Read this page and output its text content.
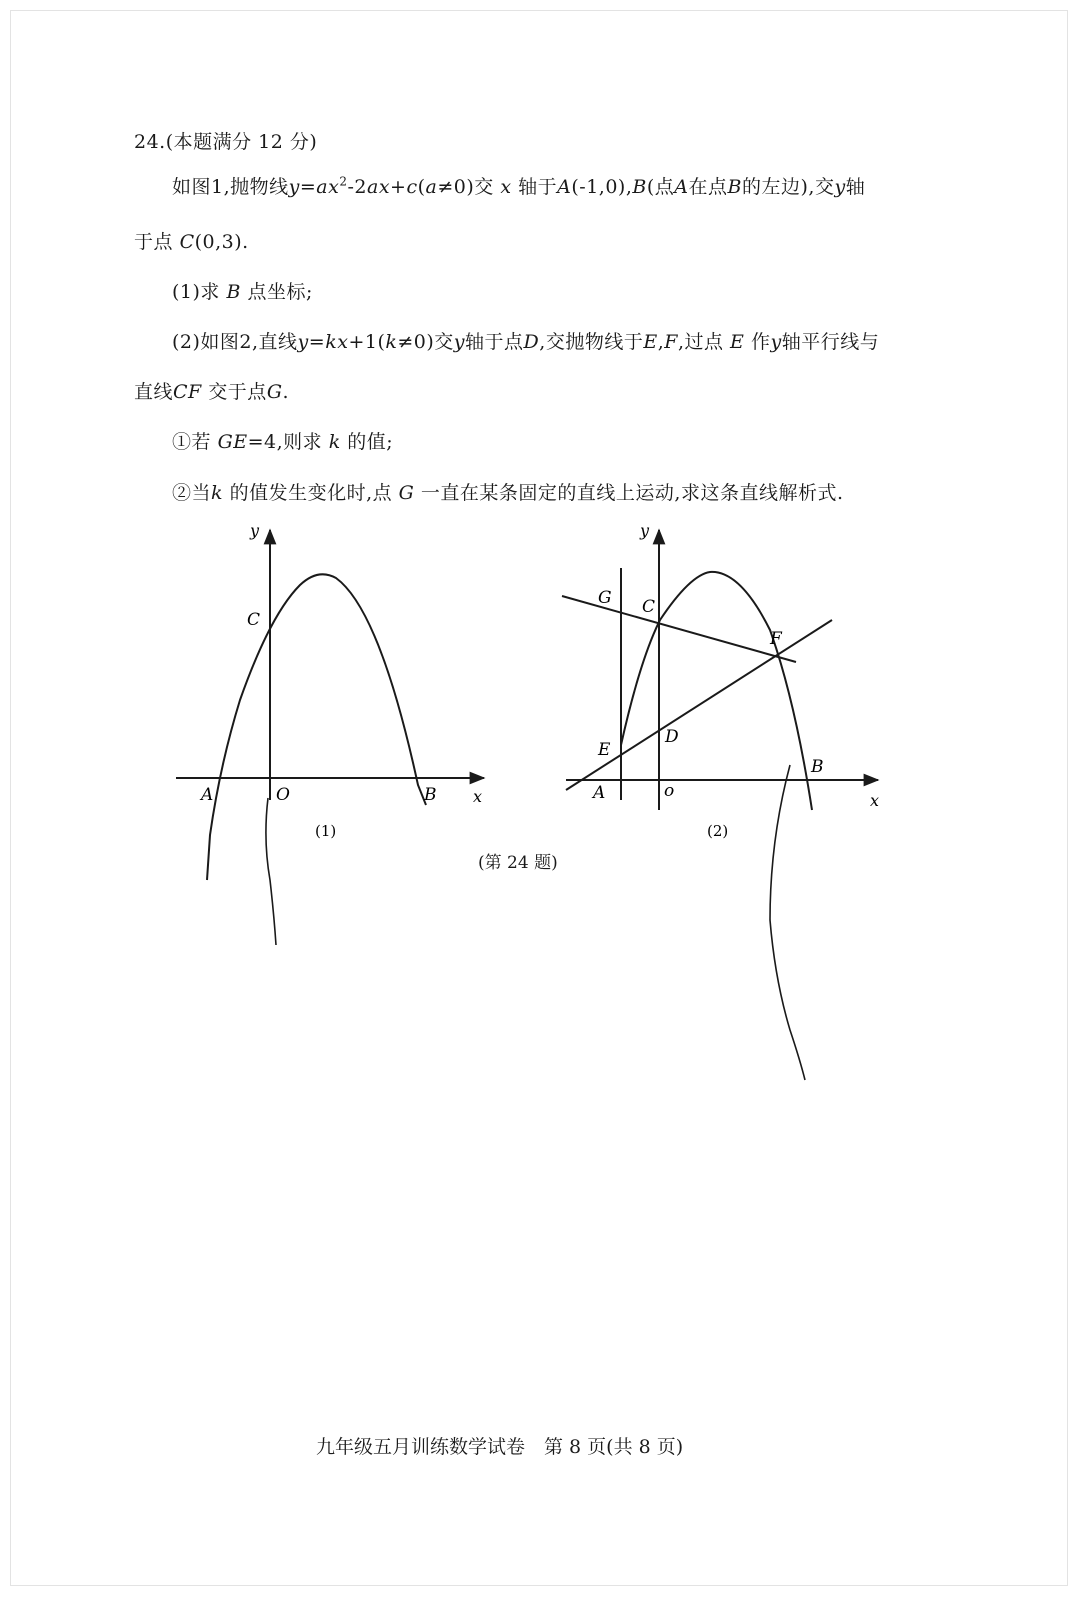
24.(本题满分 12 分)
如图1,抛物线$y=ax^2-2ax+c(a\ne 0)$交 x 轴于A(-1,0),B(点A在点B的左边),交y轴
于点 C(0,3).
(1)求 B 点坐标;
(2)如图2,直线y=kx+1(k≠0)交y轴于点D,交抛物线于E,F,过点 E 作y轴平行线与
直线CF 交于点G.
①若 GE=4,则求 k 的值;
②当k 的值发生变化时,点 G 一直在某条固定的直线上运动,求这条直线解析式.
C
A	O	B x
y
(1)
G C
F
D
E
A	o
B
x
y
(2)
(第 24 题)
九年级五月训练数学试卷　第 8 页(共 8 页)
